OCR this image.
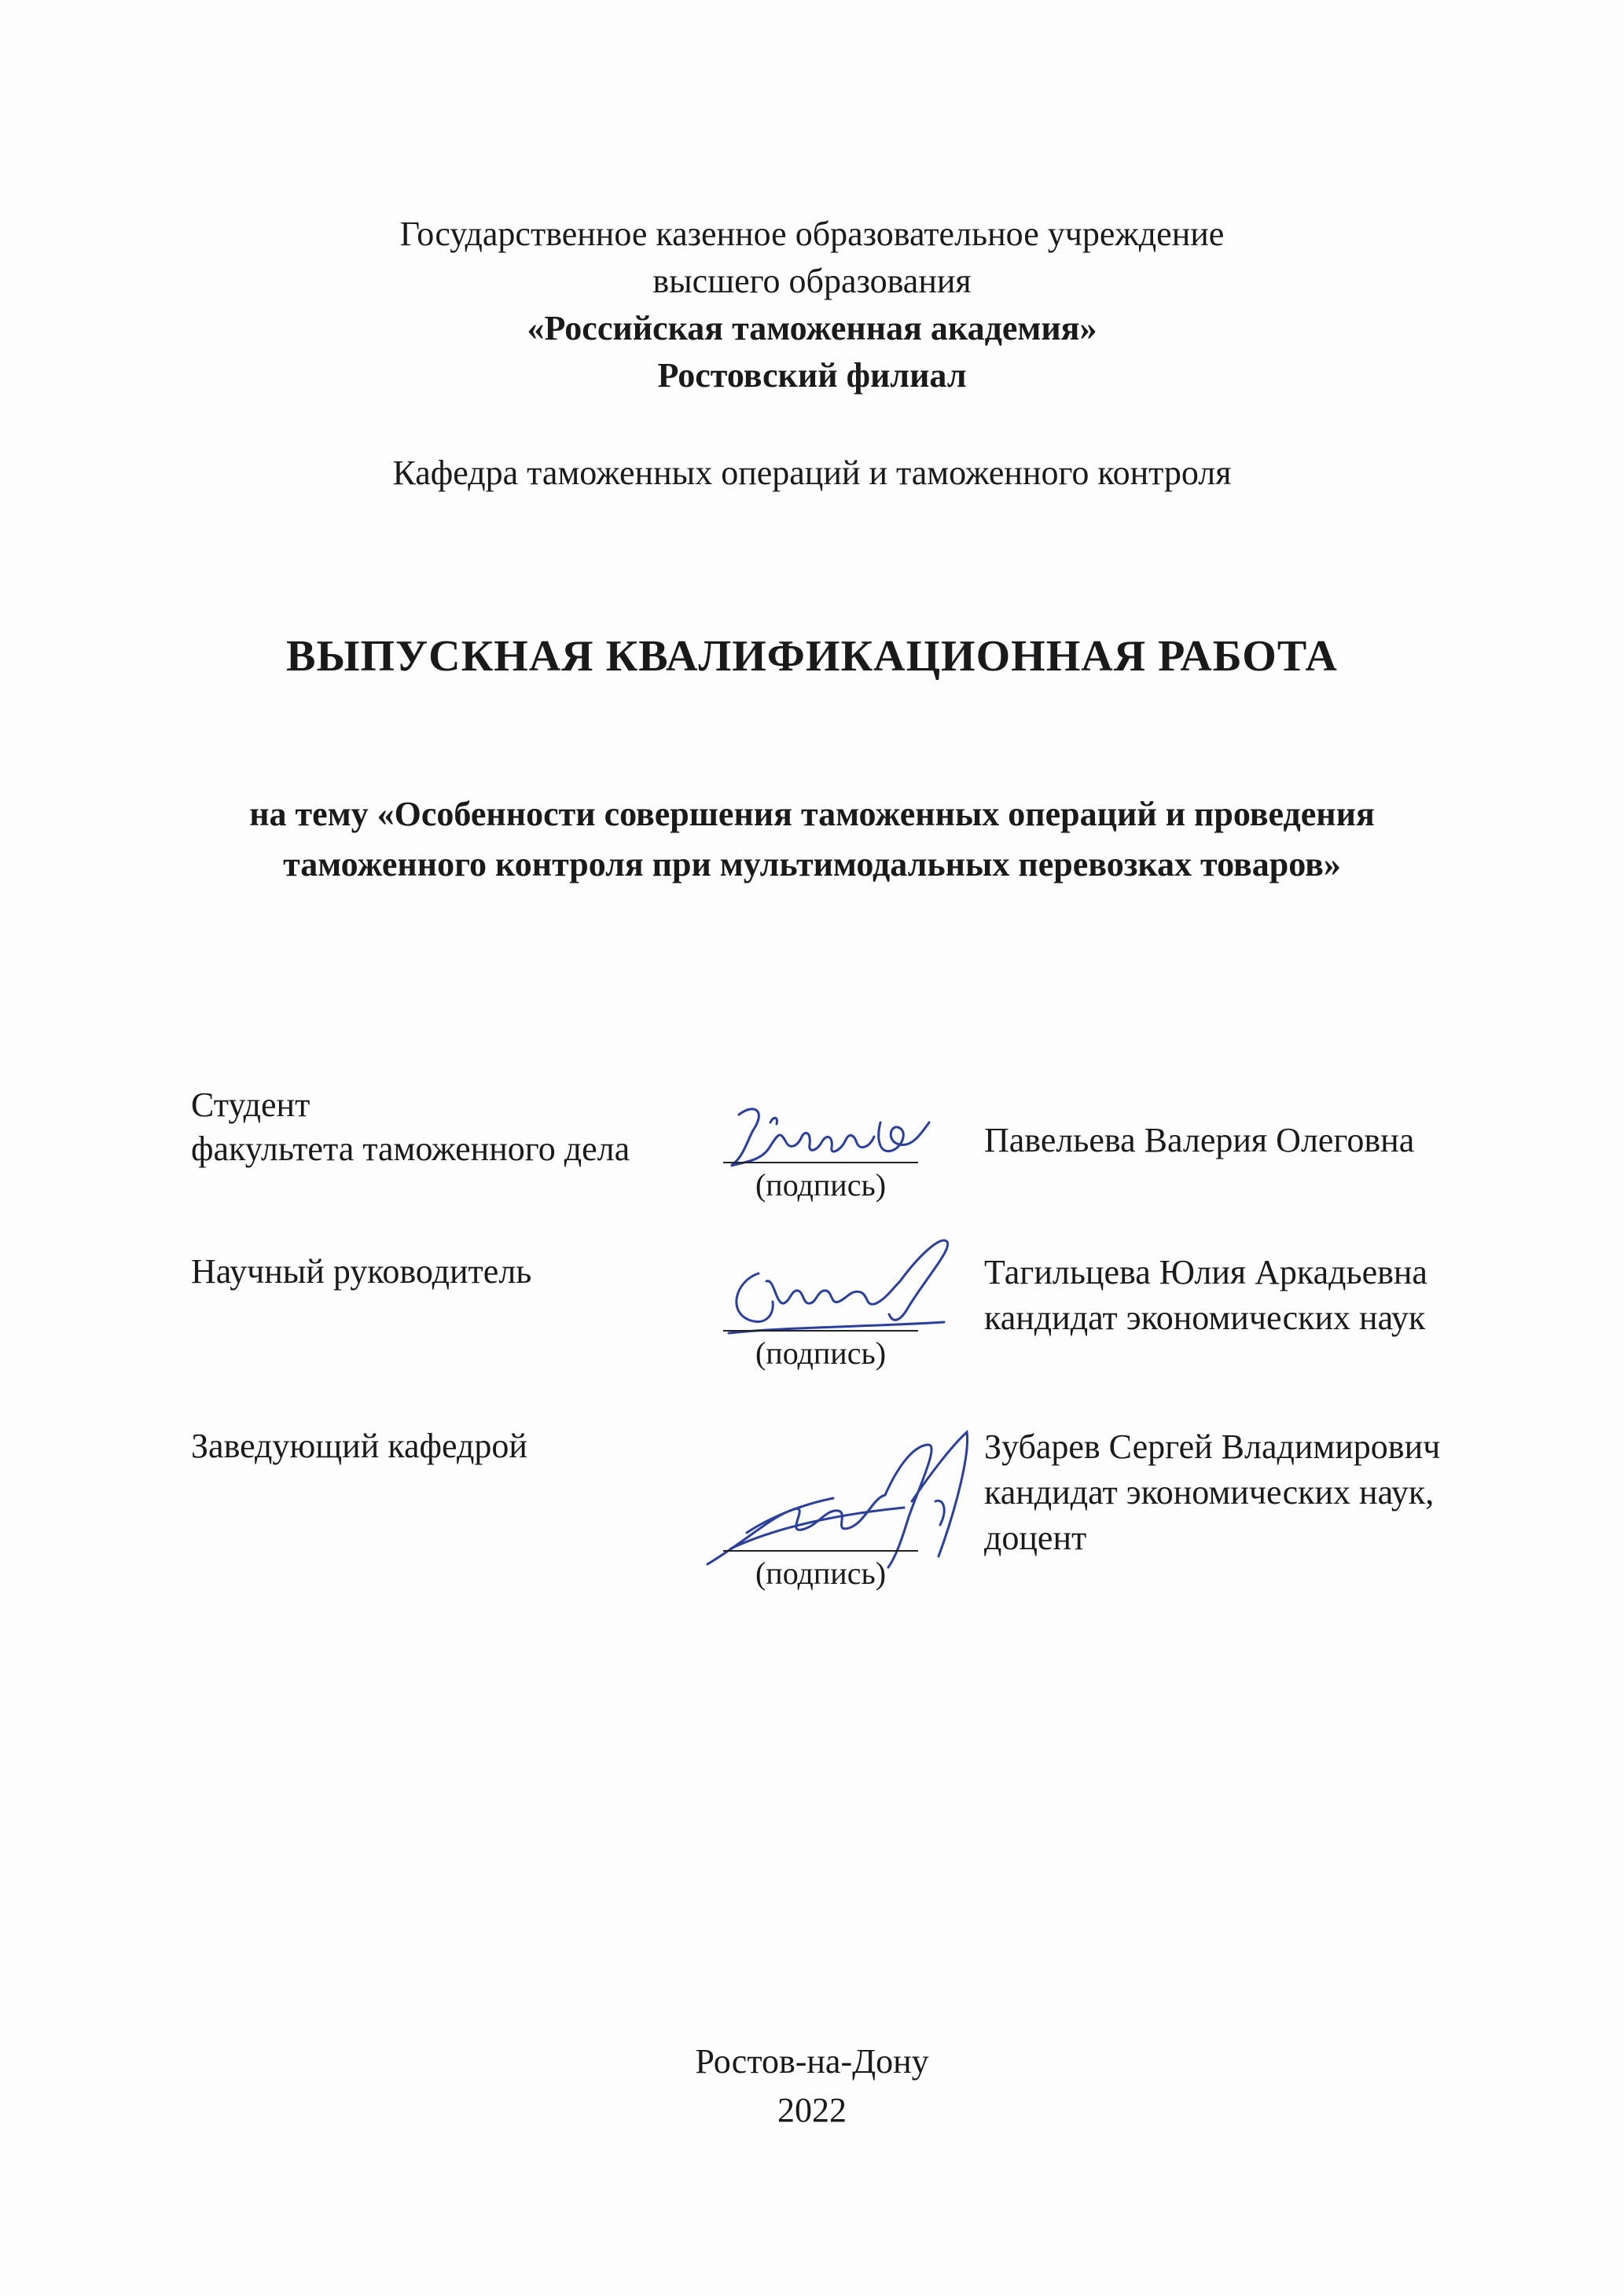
Государственное казенное образовательное учреждение
высшего образования
«Российская таможенная академия»
Ростовский филиал
Кафедра таможенных операций и таможенного контроля
ВЫПУСКНАЯ КВАЛИФИКАЦИОННАЯ РАБОТА
на тему «Особенности совершения таможенных операций и проведения
таможенного контроля при мультимодальных перевозках товаров»
Студент
факультета таможенного дела
(подпись)
Павельева Валерия Олеговна
Научный руководитель
(подпись)
Тагильцева Юлия Аркадьевна
кандидат экономических наук
Заведующий кафедрой
(подпись)
Зубарев Сергей Владимирович
кандидат экономических наук,
доцент
Ростов-на-Дону
2022
